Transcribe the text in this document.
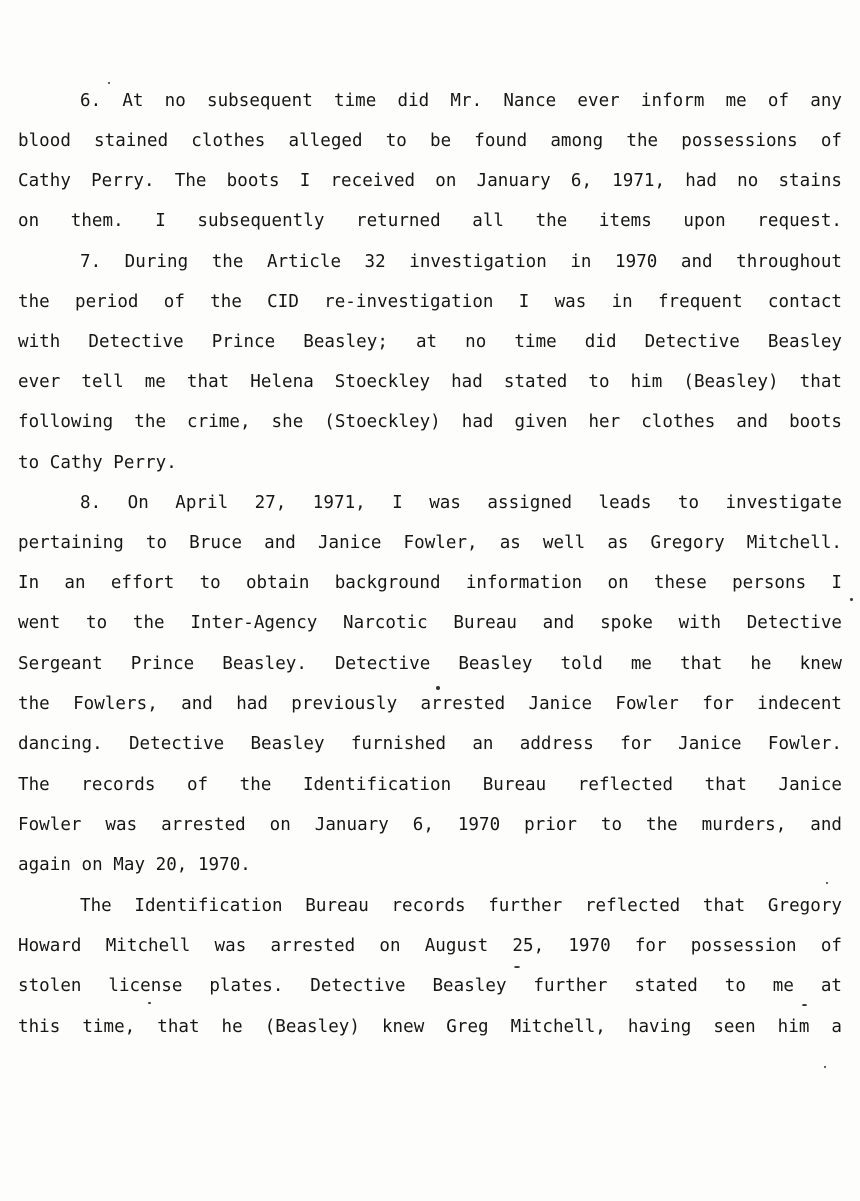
6. At no subsequent time did Mr. Nance ever inform me of any
blood stained clothes alleged to be found among the possessions of
Cathy Perry. The boots I received on January 6, 1971, had no stains
on them. I subsequently returned all the items upon request.
7. During the Article 32 investigation in 1970 and throughout
the period of the CID re-investigation I was in frequent contact
with Detective Prince Beasley; at no time did Detective Beasley
ever tell me that Helena Stoeckley had stated to him (Beasley) that
following the crime, she (Stoeckley) had given her clothes and boots
to Cathy Perry.
8. On April 27, 1971, I was assigned leads to investigate
pertaining to Bruce and Janice Fowler, as well as Gregory Mitchell.
In an effort to obtain background information on these persons I
went to the Inter-Agency Narcotic Bureau and spoke with Detective
Sergeant Prince Beasley. Detective Beasley told me that he knew
the Fowlers, and had previously arrested Janice Fowler for indecent
dancing. Detective Beasley furnished an address for Janice Fowler.
The records of the Identification Bureau reflected that Janice
Fowler was arrested on January 6, 1970 prior to the murders, and
again on May 20, 1970.
The Identification Bureau records further reflected that Gregory
Howard Mitchell was arrested on August 25, 1970 for possession of
stolen license plates. Detective Beasley further stated to me at
this time, that he (Beasley) knew Greg Mitchell, having seen him a
